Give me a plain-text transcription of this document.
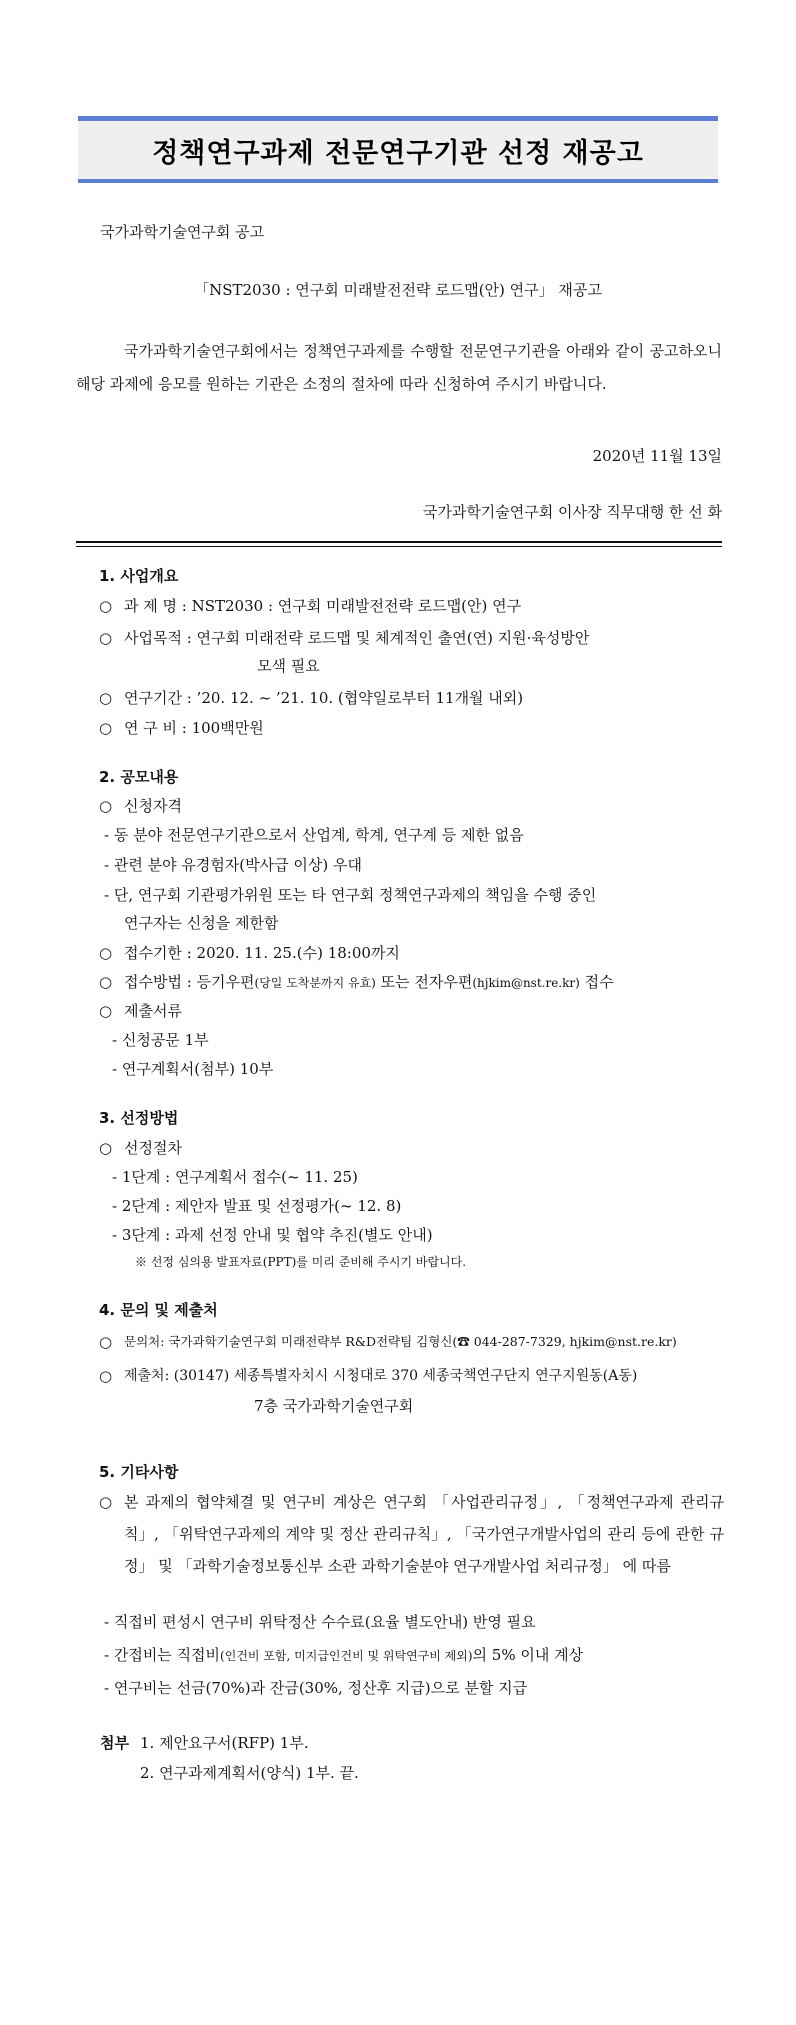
정책연구과제 전문연구기관 선정 재공고
국가과학기술연구회 공고
「NST2030 : 연구회 미래발전전략 로드맵(안) 연구」 재공고
국가과학기술연구회에서는 정책연구과제를 수행할 전문연구기관을 아래와 같이 공고하오니 해당 과제에 응모를 원하는 기관은 소정의 절차에 따라 신청하여 주시기 바랍니다.
2020년 11월 13일
국가과학기술연구회 이사장 직무대행 한 선 화
1. 사업개요
○ 과 제 명 : NST2030 : 연구회 미래발전전략 로드맵(안) 연구
○ 사업목적 : 연구회 미래전략 로드맵 및 체계적인 출연(연) 지원·육성방안
모색 필요
○ 연구기간 : ’20. 12. ~ ’21. 10. (협약일로부터 11개월 내외)
○ 연 구 비 : 100백만원
2. 공모내용
○ 신청자격
- 동 분야 전문연구기관으로서 산업계, 학계, 연구계 등 제한 없음
- 관련 분야 유경험자(박사급 이상) 우대
- 단, 연구회 기관평가위원 또는 타 연구회 정책연구과제의 책임을 수행 중인
연구자는 신청을 제한함
○ 접수기한 : 2020. 11. 25.(수) 18:00까지
○ 접수방법 : 등기우편(당일 도착분까지 유효) 또는 전자우편(hjkim@nst.re.kr) 접수
○ 제출서류
- 신청공문 1부
- 연구계획서(첨부) 10부
3. 선정방법
○ 선정절차
- 1단계 : 연구계획서 접수(~ 11. 25)
- 2단계 : 제안자 발표 및 선정평가(~ 12. 8)
- 3단계 : 과제 선정 안내 및 협약 추진(별도 안내)
※ 선정 심의용 발표자료(PPT)를 미리 준비해 주시기 바랍니다.
4. 문의 및 제출처
○ 문의처: 국가과학기술연구회 미래전략부 R&D전략팀 김형신(☎ 044-287-7329, hjkim@nst.re.kr)
○ 제출처: (30147) 세종특별자치시 시청대로 370 세종국책연구단지 연구지원동(A동)
7층 국가과학기술연구회
5. 기타사항
○ 본 과제의 협약체결 및 연구비 계상은 연구회 「사업관리규정」, 「정책연구과제 관리규칙」, 「위탁연구과제의 계약 및 정산 관리규칙」, 「국가연구개발사업의 관리 등에 관한 규정」 및 「과학기술정보통신부 소관 과학기술분야 연구개발사업 처리규정」 에 따름
- 직접비 편성시 연구비 위탁정산 수수료(요율 별도안내) 반영 필요
- 간접비는 직접비(인건비 포함, 미지급인건비 및 위탁연구비 제외)의 5% 이내 계상
- 연구비는 선금(70%)과 잔금(30%, 정산후 지급)으로 분할 지급
첨부 1. 제안요구서(RFP) 1부.
2. 연구과제계획서(양식) 1부. 끝.
